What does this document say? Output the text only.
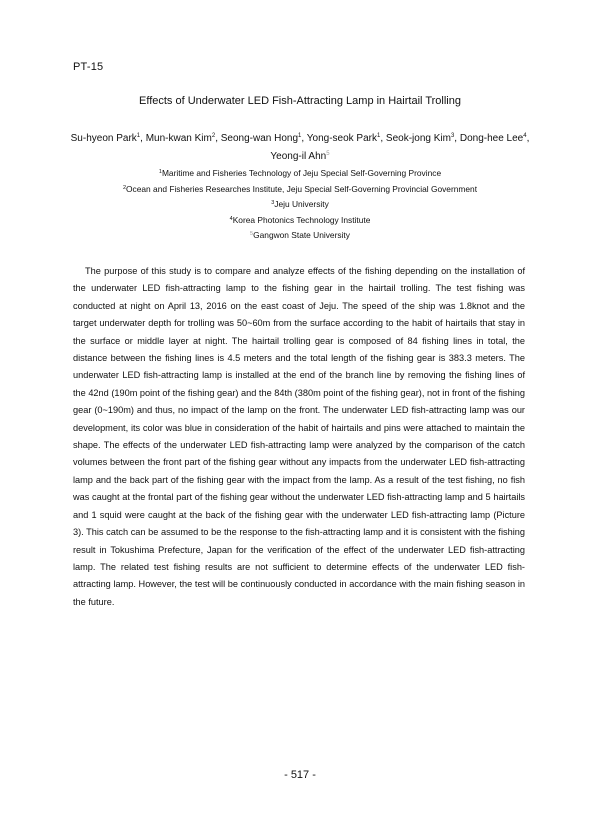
PT-15
Effects of Underwater LED Fish-Attracting Lamp in Hairtail Trolling
Su-hyeon Park$^1$, Mun-kwan Kim$^2$, Seong-wan Hong$^1$, Yong-seok Park$^1$, Seok-jong Kim$^3$, Dong-hee Lee$^4$, Yeong-il Ahn$^5$
$^1$Maritime and Fisheries Technology of Jeju Special Self-Governing Province
$^2$Ocean and Fisheries Researches Institute, Jeju Special Self-Governing Provincial Government
$^3$Jeju University
$^4$Korea Photonics Technology Institute
$^5$Gangwon State University

The purpose of this study is to compare and analyze effects of the fishing depending on the installation of the underwater LED fish-attracting lamp to the fishing gear in the hairtail trolling. The test fishing was conducted at night on April 13, 2016 on the east coast of Jeju. The speed of the ship was 1.8knot and the target underwater depth for trolling was 50~60m from the surface according to the habit of hairtails that stay in the surface or middle layer at night. The hairtail trolling gear is composed of 84 fishing lines in total, the distance between the fishing lines is 4.5 meters and the total length of the fishing gear is 383.3 meters. The underwater LED fish-attracting lamp is installed at the end of the branch line by removing the fishing lines of the 42nd (190m point of the fishing gear) and the 84th (380m point of the fishing gear), not in front of the fishing gear (0~190m) and thus, no impact of the lamp on the front. The underwater LED fish-attracting lamp was our development, its color was blue in consideration of the habit of hairtails and pins were attached to maintain the shape. The effects of the underwater LED fish-attracting lamp were analyzed by the comparison of the catch volumes between the front part of the fishing gear without any impacts from the underwater LED fish-attracting lamp and the back part of the fishing gear with the impact from the lamp. As a result of the test fishing, no fish was caught at the frontal part of the fishing gear without the underwater LED fish-attracting lamp and 5 hairtails and 1 squid were caught at the back of the fishing gear with the underwater LED fish-attracting lamp (Picture 3). This catch can be assumed to be the response to the fish-attracting lamp and it is consistent with the fishing result in Tokushima Prefecture, Japan for the verification of the effect of the underwater LED fish-attracting lamp. The related test fishing results are not sufficient to determine effects of the underwater LED fish-attracting lamp. However, the test will be continuously conducted in accordance with the main fishing season in the future.

- 517 -
